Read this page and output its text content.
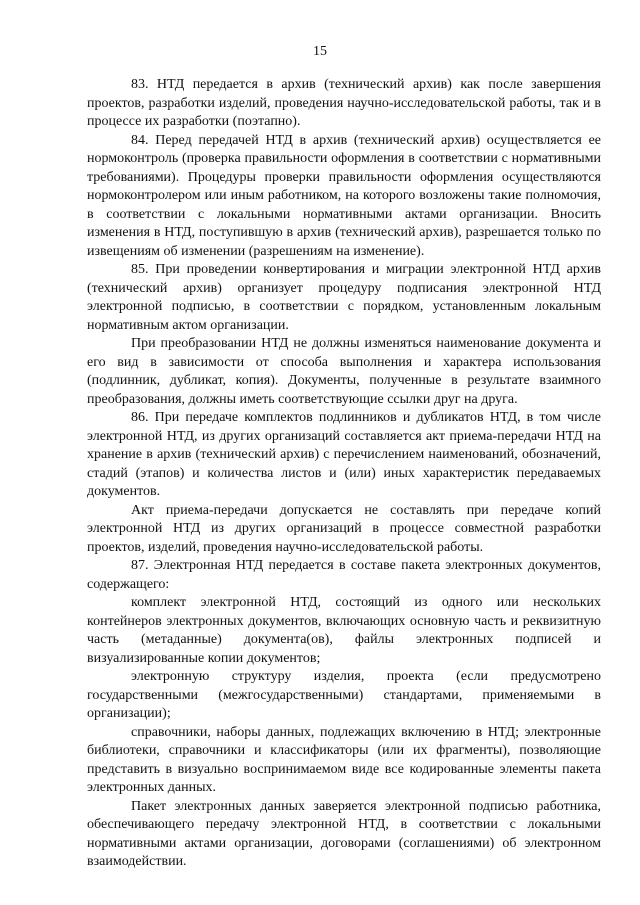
15

83. НТД передается в архив (технический архив) как после завершения проектов, разработки изделий, проведения научно-исследовательской работы, так и в процессе их разработки (поэтапно).

84. Перед передачей НТД в архив (технический архив) осуществляется ее нормоконтроль (проверка правильности оформления в соответствии с нормативными требованиями). Процедуры проверки правильности оформления осуществляются нормоконтролером или иным работником, на которого возложены такие полномочия, в соответствии с локальными нормативными актами организации. Вносить изменения в НТД, поступившую в архив (технический архив), разрешается только по извещениям об изменении (разрешениям на изменение).

85. При проведении конвертирования и миграции электронной НТД архив (технический архив) организует процедуру подписания электронной НТД электронной подписью, в соответствии с порядком, установленным локальным нормативным актом организации.

При преобразовании НТД не должны изменяться наименование документа и его вид в зависимости от способа выполнения и характера использования (подлинник, дубликат, копия). Документы, полученные в результате взаимного преобразования, должны иметь соответствующие ссылки друг на друга.

86. При передаче комплектов подлинников и дубликатов НТД, в том числе электронной НТД, из других организаций составляется акт приема-передачи НТД на хранение в архив (технический архив) с перечислением наименований, обозначений, стадий (этапов) и количества листов и (или) иных характеристик передаваемых документов.

Акт приема-передачи допускается не составлять при передаче копий электронной НТД из других организаций в процессе совместной разработки проектов, изделий, проведения научно-исследовательской работы.

87. Электронная НТД передается в составе пакета электронных документов, содержащего:

комплект электронной НТД, состоящий из одного или нескольких контейнеров электронных документов, включающих основную часть и реквизитную часть (метаданные) документа(ов), файлы электронных подписей и визуализированные копии документов;

электронную структуру изделия, проекта (если предусмотрено государственными (межгосударственными) стандартами, применяемыми в организации);

справочники, наборы данных, подлежащих включению в НТД; электронные библиотеки, справочники и классификаторы (или их фрагменты), позволяющие представить в визуально воспринимаемом виде все кодированные элементы пакета электронных данных.

Пакет электронных данных заверяется электронной подписью работника, обеспечивающего передачу электронной НТД, в соответствии с локальными нормативными актами организации, договорами (соглашениями) об электронном взаимодействии.
